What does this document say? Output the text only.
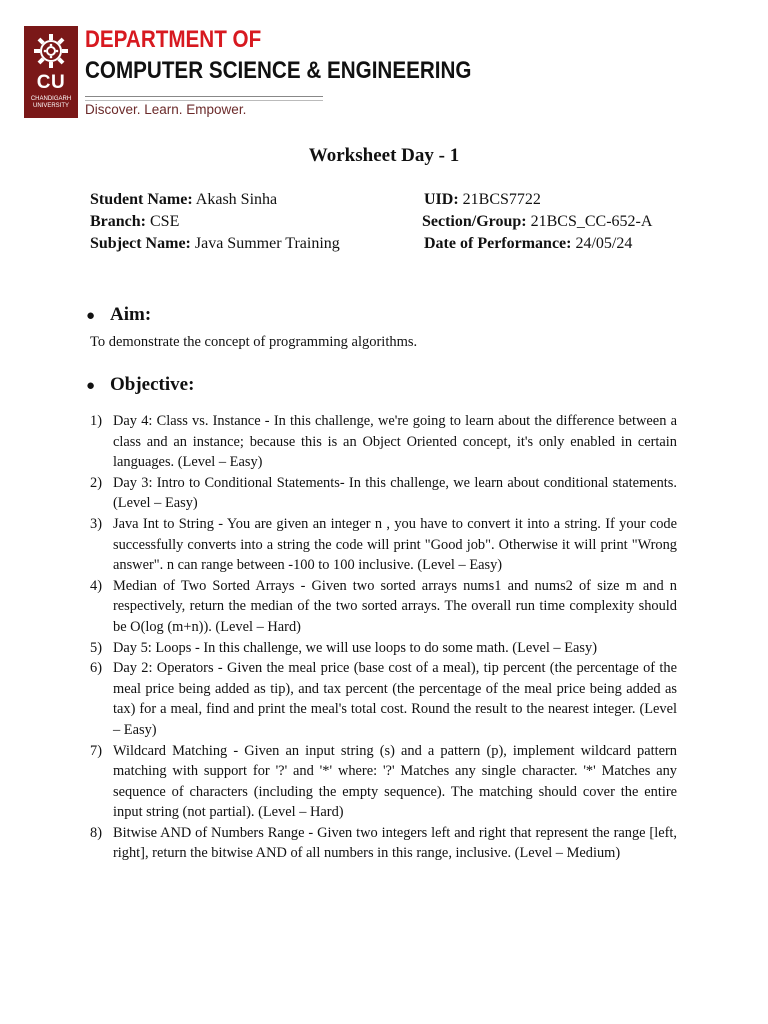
CU
CHANDIGARH UNIVERSITY
DEPARTMENT OF
COMPUTER SCIENCE & ENGINEERING
Discover. Learn. Empower.
Worksheet Day - 1
Student Name: Akash Sinha	UID: 21BCS7722
Branch: CSE	Section/Group: 21BCS_CC-652-A
Subject Name: Java Summer Training	Date of Performance: 24/05/24
● Aim:
To demonstrate the concept of programming algorithms.
● Objective:
1) Day 4: Class vs. Instance - In this challenge, we're going to learn about the difference between a class and an instance; because this is an Object Oriented concept, it's only enabled in certain languages. (Level – Easy)
2) Day 3: Intro to Conditional Statements- In this challenge, we learn about conditional statements. (Level – Easy)
3) Java Int to String - You are given an integer n , you have to convert it into a string. If your code successfully converts into a string the code will print "Good job". Otherwise it will print "Wrong answer". n can range between -100 to 100 inclusive. (Level – Easy)
4) Median of Two Sorted Arrays - Given two sorted arrays nums1 and nums2 of size m and n respectively, return the median of the two sorted arrays. The overall run time complexity should be O(log (m+n)). (Level – Hard)
5) Day 5: Loops - In this challenge, we will use loops to do some math. (Level – Easy)
6) Day 2: Operators - Given the meal price (base cost of a meal), tip percent (the percentage of the meal price being added as tip), and tax percent (the percentage of the meal price being added as tax) for a meal, find and print the meal's total cost. Round the result to the nearest integer. (Level – Easy)
7) Wildcard Matching - Given an input string (s) and a pattern (p), implement wildcard pattern matching with support for '?' and '*' where: '?' Matches any single character. '*' Matches any sequence of characters (including the empty sequence). The matching should cover the entire input string (not partial). (Level – Hard)
8) Bitwise AND of Numbers Range - Given two integers left and right that represent the range [left, right], return the bitwise AND of all numbers in this range, inclusive. (Level – Medium)
